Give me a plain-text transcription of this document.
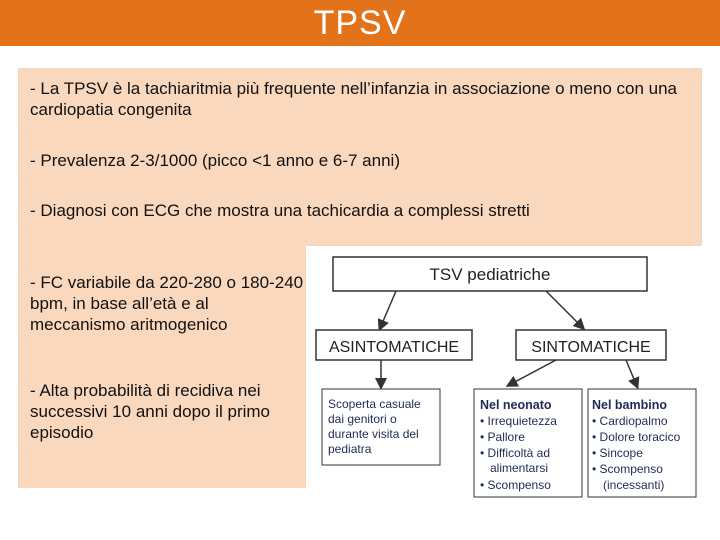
TPSV
- La TPSV è la tachiaritmia più frequente nell’infanzia in associazione o meno con una cardiopatia congenita
- Prevalenza 2-3/1000 (picco <1 anno e 6-7 anni)
- Diagnosi con ECG che mostra una tachicardia a complessi stretti
- FC variabile da 220-280 o 180-240 bpm, in base all’età e al meccanismo aritmogenico
- Alta probabilità di recidiva nei successivi 10 anni dopo il primo episodio
TSV pediatriche
ASINTOMATICHE	SINTOMATICHE
Scoperta casuale
dai genitori o
durante visita del
pediatra
Nel neonato
• Irrequietezza
• Pallore
• Difficoltà ad
alimentarsi
• Scompenso
Nel bambino
• Cardiopalmo
• Dolore toracico
• Sincope
• Scompenso
(incessanti)
